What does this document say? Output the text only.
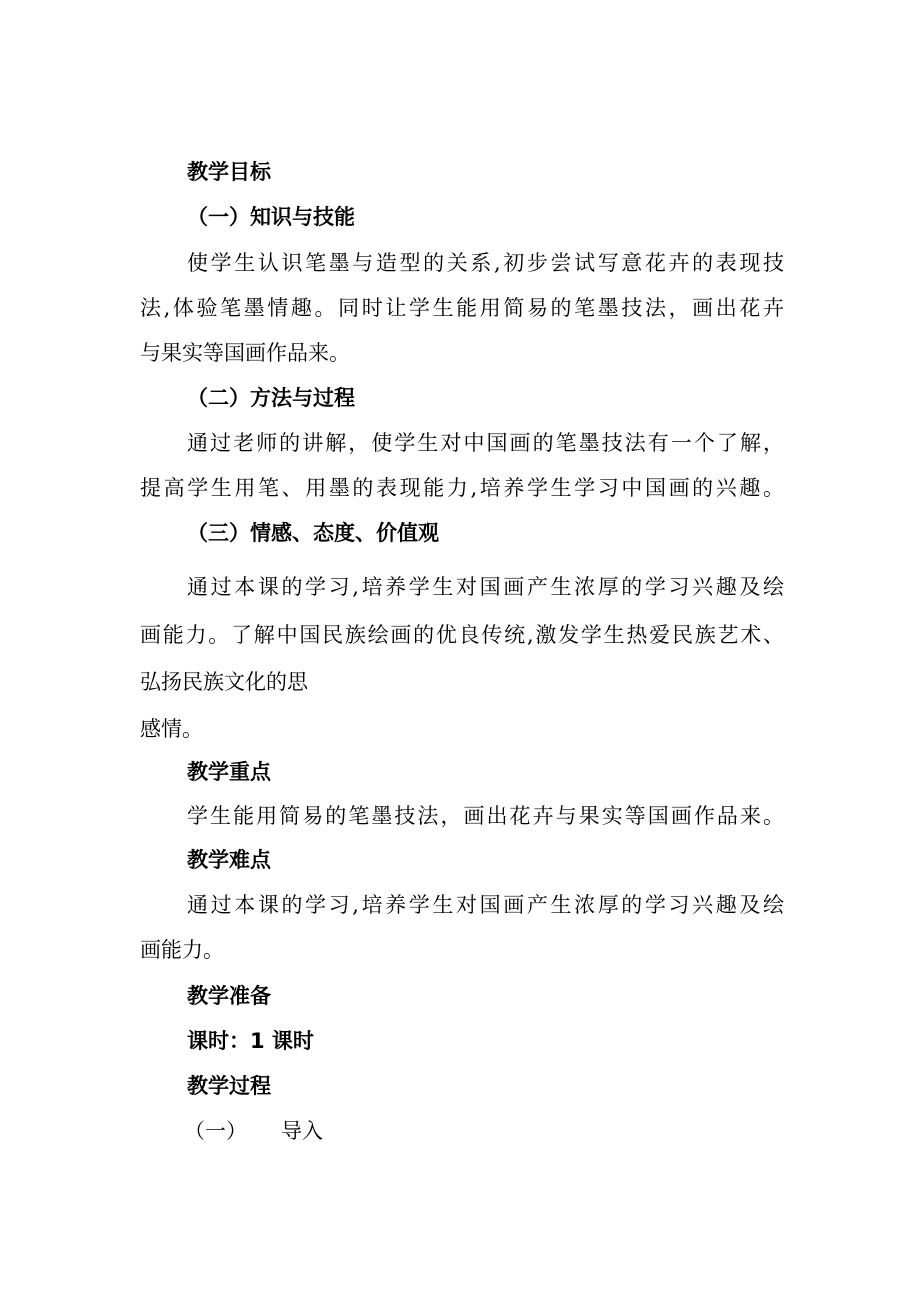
教学目标
（一）知识与技能
使学生认识笔墨与造型的关系,初步尝试写意花卉的表现技
法,体验笔墨情趣。同时让学生能用简易的笔墨技法，画出花卉
与果实等国画作品来。
（二）方法与过程
通过老师的讲解，使学生对中国画的笔墨技法有一个了解，
提高学生用笔、用墨的表现能力,培养学生学习中国画的兴趣。
（三）情感、态度、价值观
通过本课的学习,培养学生对国画产生浓厚的学习兴趣及绘
画能力。了解中国民族绘画的优良传统,激发学生热爱民族艺术、
弘扬民族文化的思
感情。
教学重点
学生能用简易的笔墨技法，画出花卉与果实等国画作品来。
教学难点
通过本课的学习,培养学生对国画产生浓厚的学习兴趣及绘
画能力。
教学准备
课时：1 课时
教学过程
（一） 导入
